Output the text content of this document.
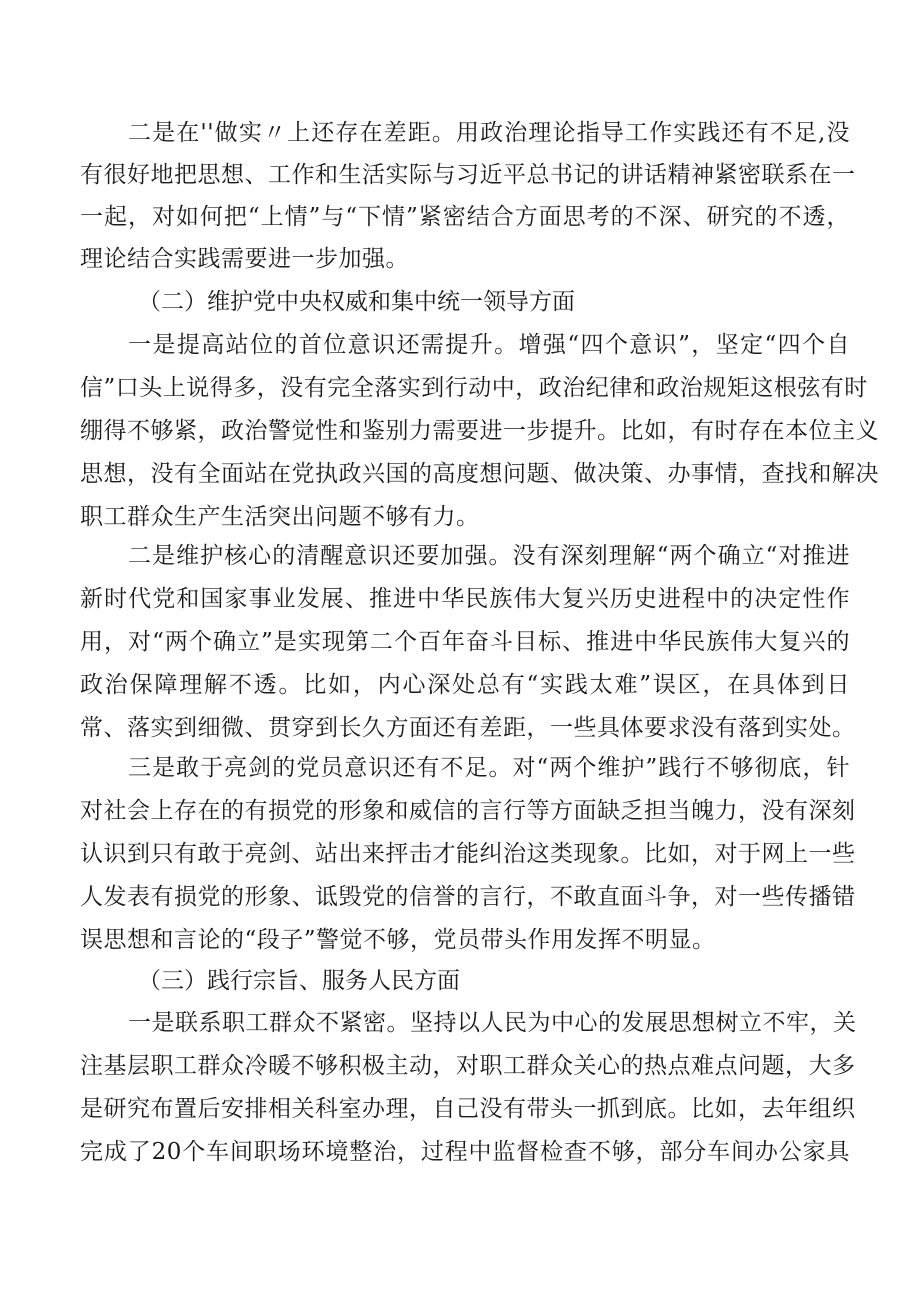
二是在''做实〃上还存在差距。用政治理论指导工作实践还有不足,没
有很好地把思想、工作和生活实际与习近平总书记的讲话精神紧密联系在一
一起，对如何把“上情”与“下情”紧密结合方面思考的不深、研究的不透，
理论结合实践需要进一步加强。
（二）维护党中央权威和集中统一领导方面
一是提高站位的首位意识还需提升。增强“四个意识”，坚定“四个自
信”口头上说得多，没有完全落实到行动中，政治纪律和政治规矩这根弦有时
绷得不够紧，政治警觉性和鉴别力需要进一步提升。比如，有时存在本位主义
思想，没有全面站在党执政兴国的高度想问题、做决策、办事情，查找和解决
职工群众生产生活突出问题不够有力。
二是维护核心的清醒意识还要加强。没有深刻理解“两个确立“对推进
新时代党和国家事业发展、推进中华民族伟大复兴历史进程中的决定性作
用，对“两个确立”是实现第二个百年奋斗目标、推进中华民族伟大复兴的
政治保障理解不透。比如，内心深处总有“实践太难”误区，在具体到日
常、落实到细微、贯穿到长久方面还有差距，一些具体要求没有落到实处。
三是敢于亮剑的党员意识还有不足。对“两个维护”践行不够彻底，针
对社会上存在的有损党的形象和威信的言行等方面缺乏担当魄力，没有深刻
认识到只有敢于亮剑、站出来抨击才能纠治这类现象。比如，对于网上一些
人发表有损党的形象、诋毁党的信誉的言行，不敢直面斗争，对一些传播错
误思想和言论的“段子”警觉不够，党员带头作用发挥不明显。
（三）践行宗旨、服务人民方面
一是联系职工群众不紧密。坚持以人民为中心的发展思想树立不牢，关
注基层职工群众冷暖不够积极主动，对职工群众关心的热点难点问题，大多
是研究布置后安排相关科室办理，自己没有带头一抓到底。比如，去年组织
完成了20个车间职场环境整治，过程中监督检查不够，部分车间办公家具
